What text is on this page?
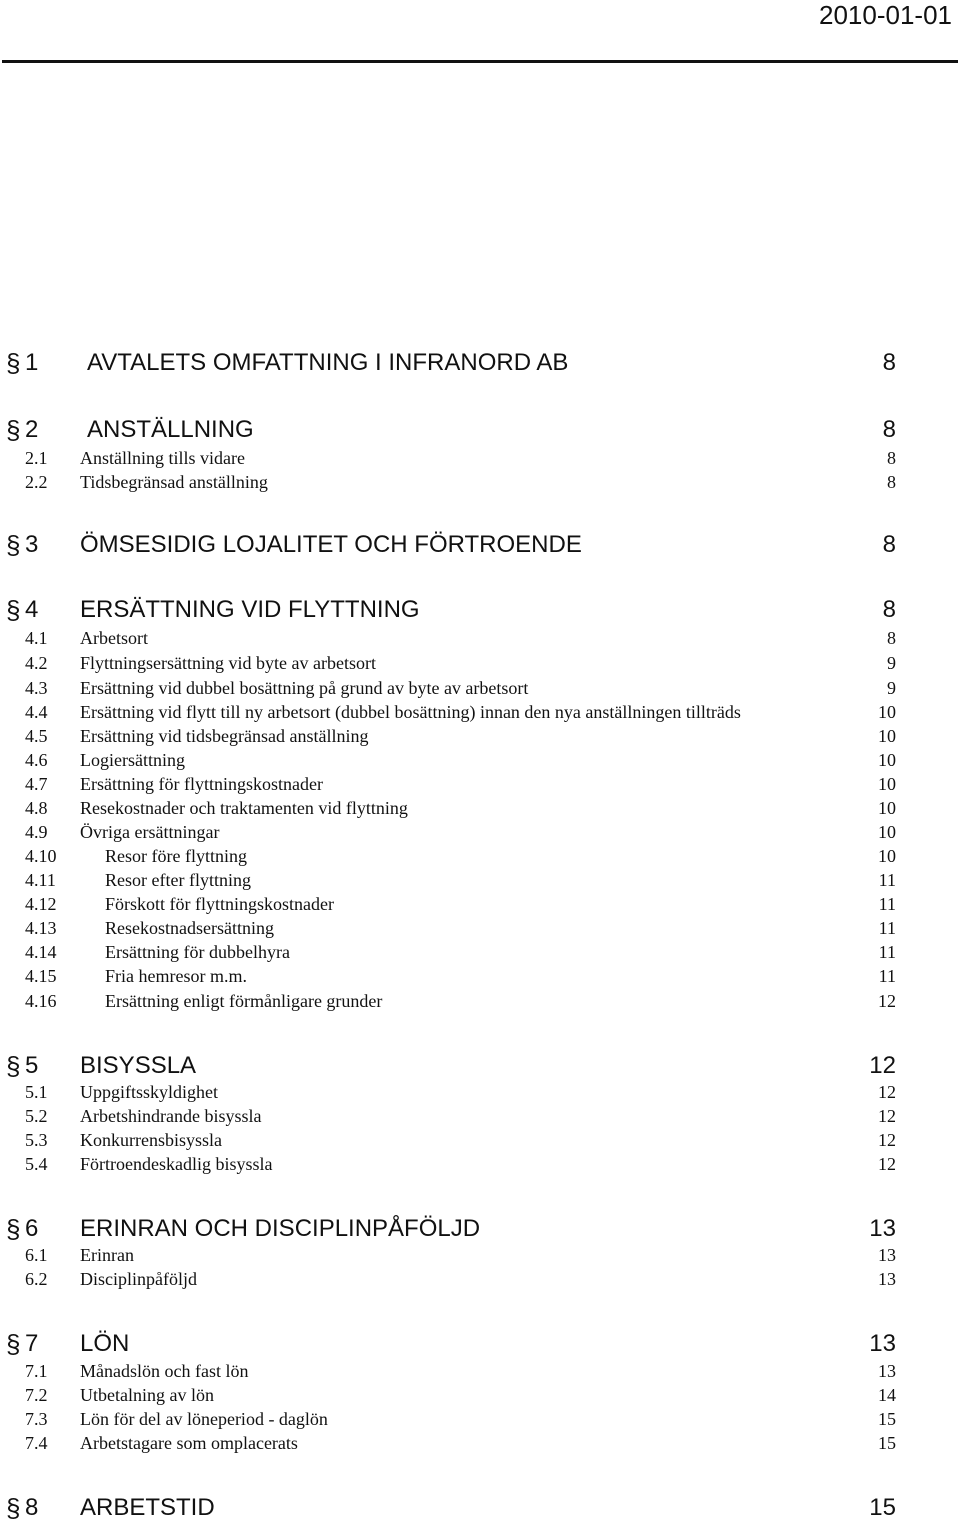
2010-01-01
§ 1 AVTALETS OMFATTNING I INFRANORD AB	8
§ 2 ANSTÄLLNING	8
2.1 Anställning tills vidare	8
2.2 Tidsbegränsad anställning	8
§ 3 ÖMSESIDIG LOJALITET OCH FÖRTROENDE	8
§ 4 ERSÄTTNING VID FLYTTNING	8
4.1 Arbetsort	8
4.2 Flyttningsersättning vid byte av arbetsort	9
4.3 Ersättning vid dubbel bosättning på grund av byte av arbetsort	9
4.4 Ersättning vid flytt till ny arbetsort (dubbel bosättning) innan den nya anställningen tillträds	10
4.5 Ersättning vid tidsbegränsad anställning	10
4.6 Logiersättning	10
4.7 Ersättning för flyttningskostnader	10
4.8 Resekostnader och traktamenten vid flyttning	10
4.9 Övriga ersättningar	10
4.10	Resor före flyttning	10
4.11	Resor efter flyttning	11
4.12	Förskott för flyttningskostnader	11
4.13	Resekostnadsersättning	11
4.14	Ersättning för dubbelhyra	11
4.15	Fria hemresor m.m.	11
4.16	Ersättning enligt förmånligare grunder	12
§ 5 BISYSSLA	12
5.1 Uppgiftsskyldighet	12
5.2 Arbetshindrande bisyssla	12
5.3 Konkurrensbisyssla	12
5.4 Förtroendeskadlig bisyssla	12
§ 6 ERINRAN OCH DISCIPLINPÅFÖLJD	13
6.1 Erinran	13
6.2 Disciplinpåföljd	13
§ 7 LÖN	13
7.1 Månadslön och fast lön	13
7.2 Utbetalning av lön	14
7.3 Lön för del av löneperiod - daglön	15
7.4 Arbetstagare som omplacerats	15
§ 8 ARBETSTID	15
